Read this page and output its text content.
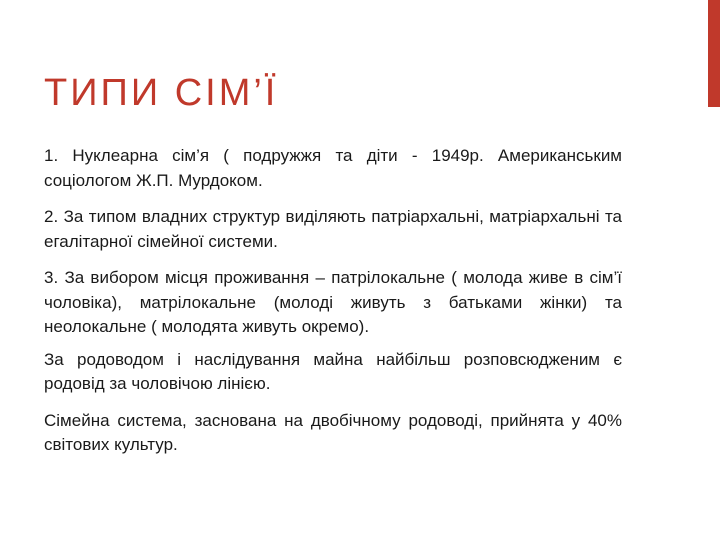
ТИПИ СІМ’Ї

1. Нуклеарна сім’я ( подружжя та діти - 1949р. Американським соціологом Ж.П. Мурдоком.

2. За типом владних структур виділяють патріархальні, матріархальні та егалітарної сімейної системи.

3. За вибором місця проживання – патрілокальне ( молода живе в сім’ї чоловіка), матрілокальне (молоді живуть з батьками жінки) та неолокальне ( молодята живуть окремо).

За родоводом і наслідування майна найбільш розповсюдженим є родовід за чоловічою лінією.

Сімейна система, заснована на двобічному родоводі, прийнята у 40% світових культур.
